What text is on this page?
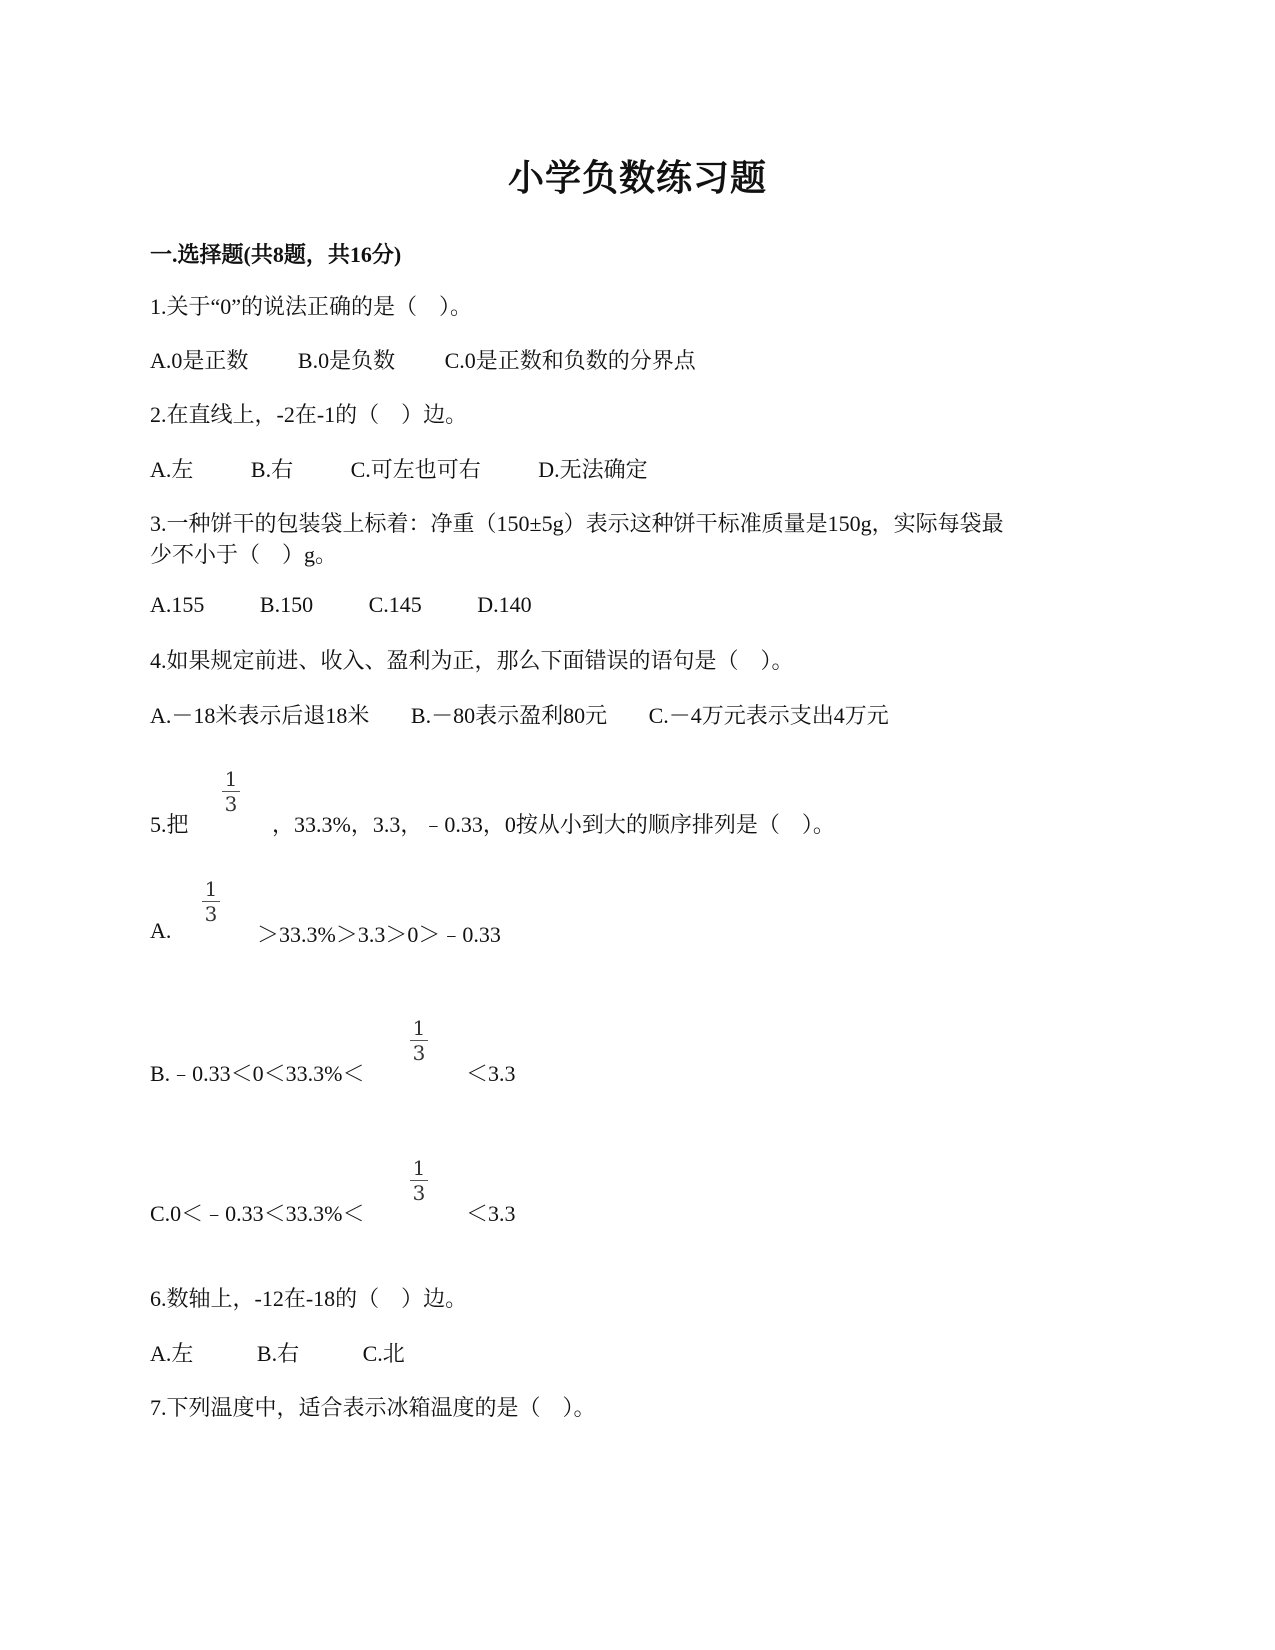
小学负数练习题
一.选择题(共8题，共16分)
1.关于“0”的说法正确的是（　）。
A.0是正数 B.0是负数 C.0是正数和负数的分界点
2.在直线上，-2在-1的（　）边。
A.左	B.右	C.可左也可右	D.无法确定
3.一种饼干的包装袋上标着：净重（150±5g）表示这种饼干标准质量是150g，实际每袋最
少不小于（　）g。
A.155	B.150	C.145	D.140
4.如果规定前进、收入、盈利为正，那么下面错误的语句是（　）。
A.－18米表示后退18米 B.－80表示盈利80元 C.－4万元表示支出4万元
5.把
1
3
，33.3%，3.3，﹣0.33，0按从小到大的顺序排列是（　）。
A.
1
3
＞33.3%＞3.3＞0＞﹣0.33
B.﹣0.33＜0＜33.3%＜
1
3
＜3.3
C.0＜﹣0.33＜33.3%＜
1
3
＜3.3
6.数轴上，-12在-18的（　）边。
A.左	B.右	C.北
7.下列温度中，适合表示冰箱温度的是（　）。
